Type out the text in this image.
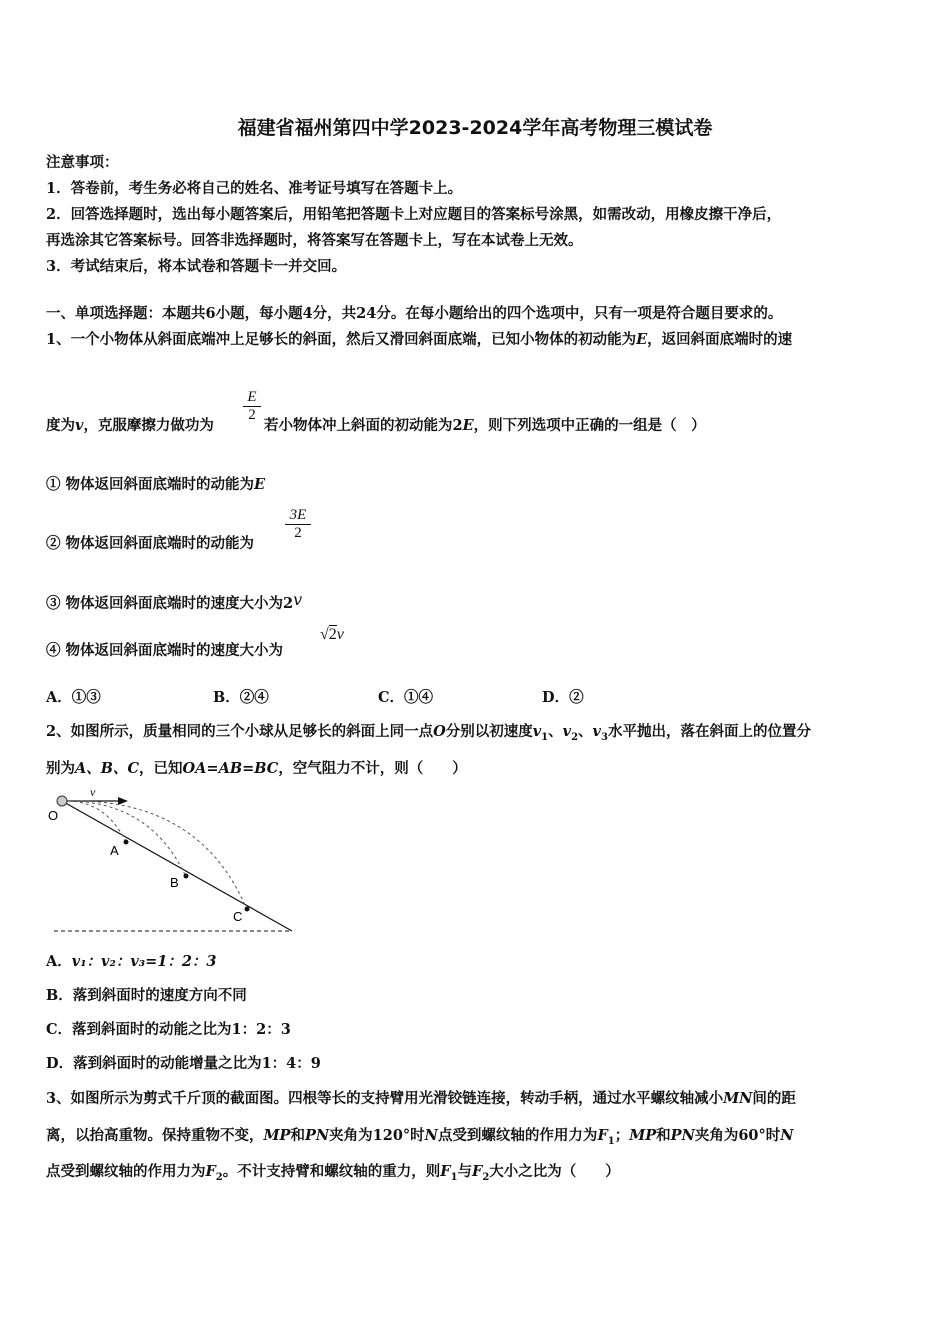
福建省福州第四中学2023-2024学年高考物理三模试卷
注意事项：
1．答卷前，考生务必将自己的姓名、准考证号填写在答题卡上。
2．回答选择题时，选出每小题答案后，用铅笔把答题卡上对应题目的答案标号涂黑，如需改动，用橡皮擦干净后，
再选涂其它答案标号。回答非选择题时，将答案写在答题卡上，写在本试卷上无效。
3．考试结束后，将本试卷和答题卡一并交回。
一、单项选择题：本题共6小题，每小题4分，共24分。在每小题给出的四个选项中，只有一项是符合题目要求的。
1、一个小物体从斜面底端冲上足够长的斜面，然后又滑回斜面底端，已知小物体的初动能为E，返回斜面底端时的速
度为v，克服摩擦力做功为
E
2
若小物体冲上斜面的初动能为2E，则下列选项中正确的一组是（　）
① 物体返回斜面底端时的动能为E
② 物体返回斜面底端时的动能为
3E
2
③ 物体返回斜面底端时的速度大小为2v
④ 物体返回斜面底端时的速度大小为
√2v
A．①③	B．②④	C．①④	D．②
2、如图所示，质量相同的三个小球从足够长的斜面上同一点O分别以初速度$v_1$、$v_2$、$v_3$水平抛出，落在斜面上的位置分
别为A、B、C，已知OA=AB=BC，空气阻力不计，则（　　）
O
A
B
C
v
A．v₁：v₂：v₃=1：2：3
B．落到斜面时的速度方向不同
C．落到斜面时的动能之比为1：2：3
D．落到斜面时的动能增量之比为1：4：9
3、如图所示为剪式千斤顶的截面图。四根等长的支持臂用光滑铰链连接，转动手柄，通过水平螺纹轴减小MN间的距
离，以抬高重物。保持重物不变，MP和PN夹角为120°时N点受到螺纹轴的作用力为$F_1$；MP和PN夹角为60°时N
点受到螺纹轴的作用力为$F_2$。不计支持臂和螺纹轴的重力，则$F_1$与$F_2$大小之比为（　　）
